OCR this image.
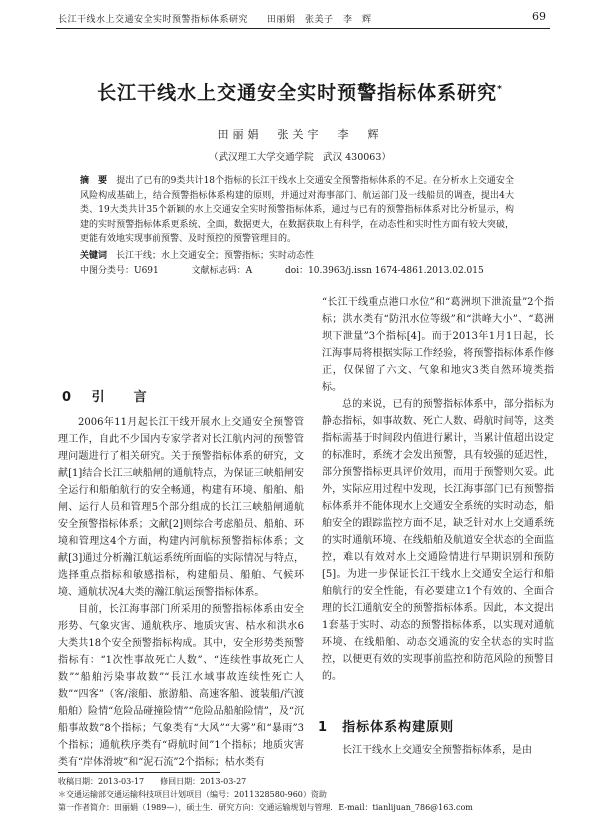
长江干线水上交通安全实时预警指标体系研究　　田丽娟　张美子　李　辉	69
长江干线水上交通安全实时预警指标体系研究*
田丽娟　张关宇　李　辉
（武汉理工大学交通学院　武汉 430063）
摘　要　 提出了已有的9类共计18个指标的长江干线水上交通安全预警指标体系的不足。在分析水上交通安全风险构成基础上，结合预警指标体系构建的原则，并通过对海事部门、航运部门及一线船员的调查，提出4大类、19大类共计35个新颖的水上交通安全实时预警指标体系，通过与已有的预警指标体系对比分析显示，构建的实时预警指标体系更系统、全面，数据更大，在数据获取上有科学，在动态性和实时性方面有较大突破，更能有效地实现事前预警、及时预控的预警管理目的。
关键词　 长江干线；水上交通安全；预警指标；实时动态性
中图分类号：U691	文献标志码：A	doi：10.3963/j.issn 1674-4861.2013.02.015
0 引　言

2006年11月起长江干线开展水上交通安全预警管理工作，自此不少国内专家学者对长江航内河的预警管理问题进行了相关研究。关于预警指标体系的研究，文献[1]结合长江三峡船闸的通航特点，为保证三峡船闸安全运行和船舶航行的安全畅通，构建有环境、船舶、船闸、运行人员和管理5个部分组成的长江三峡船闸通航安全预警指标体系；文献[2]则综合考虑船员、船舶、环境和管理这4个方面，构建内河航标预警指标体系；文献[3]通过分析瀚江航运系统所面临的实际情况与特点，选择重点指标和敏感指标，构建船员、船舶、气候环境、通航状况4大类的瀚江航运预警指标体系。

目前，长江海事部门所采用的预警指标体系由安全形势、气象灾害、通航秩序、地质灾害、枯水和洪水6大类共18个安全预警指标构成。其中，安全形势类预警指标有：“1次性事故死亡人数”、“连续性事故死亡人数”“船舶污染事故数”“長江水域事故连续性死亡人数”“四客”（客/滚船、旅游船、高速客船、渡装船/汽渡船舶）险情“危险品碰撞险情”“危险品船舶险情”，及“沉船事故数”8个指标；气象类有“大风”“大雾”和“暴雨”3个指标；通航秩序类有“碍航时间”1个指标；地质灾害类有“岸体滑坡”和“泥石流”2个指标；枯水类有

“长江干线重点港口水位”和“葛洲坝下泄流量”2个指标；洪水类有“防汛水位等级”和“洪峰大小”、“葛洲坝下泄量”3个指标[4]。而于2013年1月1日起，长江海事局将根据实际工作经验，将预警指标体系作修正，仅保留了六文、气象和地灾3类自然环境类指标。

总的来说，已有的预警指标体系中，部分指标为静态指标，如事故数、死亡人数、碍航时间等，这类指标需基于时间段内值进行累计，当累计值超出设定的标准时，系统才会发出预警，具有较强的延迟性，部分预警指标更具评价效用，而用于预警则欠妥。此外，实际应用过程中发现，长江海事部门已有预警指标体系并不能体现水上交通安全系统的实时动态，船舶安全的跟踪监控方面不足，缺乏针对水上交通系统的实时通航环境、在线船舶及航道安全状态的全面监控，难以有效对水上交通险情进行早期识别和预防[5]。为进一步保证长江干线水上交通安全运行和船舶航行的安全性能，有必要建立1个有效的、全面合理的长江通航安全的预警指标体系。因此，本文提出1套基于实时、动态的预警指标体系，以实现对通航环境、在线船舶、动态交通流的安全状态的实时监控，以便更有效的实现事前监控和防范风险的预警目的。

1　 指标体系构建原则

长江干线水上交通安全预警指标体系，是由

收稿日期：2013-03-17　　修回日期：2013-03-27
＊交通运输部交通运输科技项目计划项目（编号：2011328580-960）资助
第一作者简介：田丽娟（1989—），硕士生．研究方向：交通运输规划与管理．E-mail：tianlijuan_786@163.com
